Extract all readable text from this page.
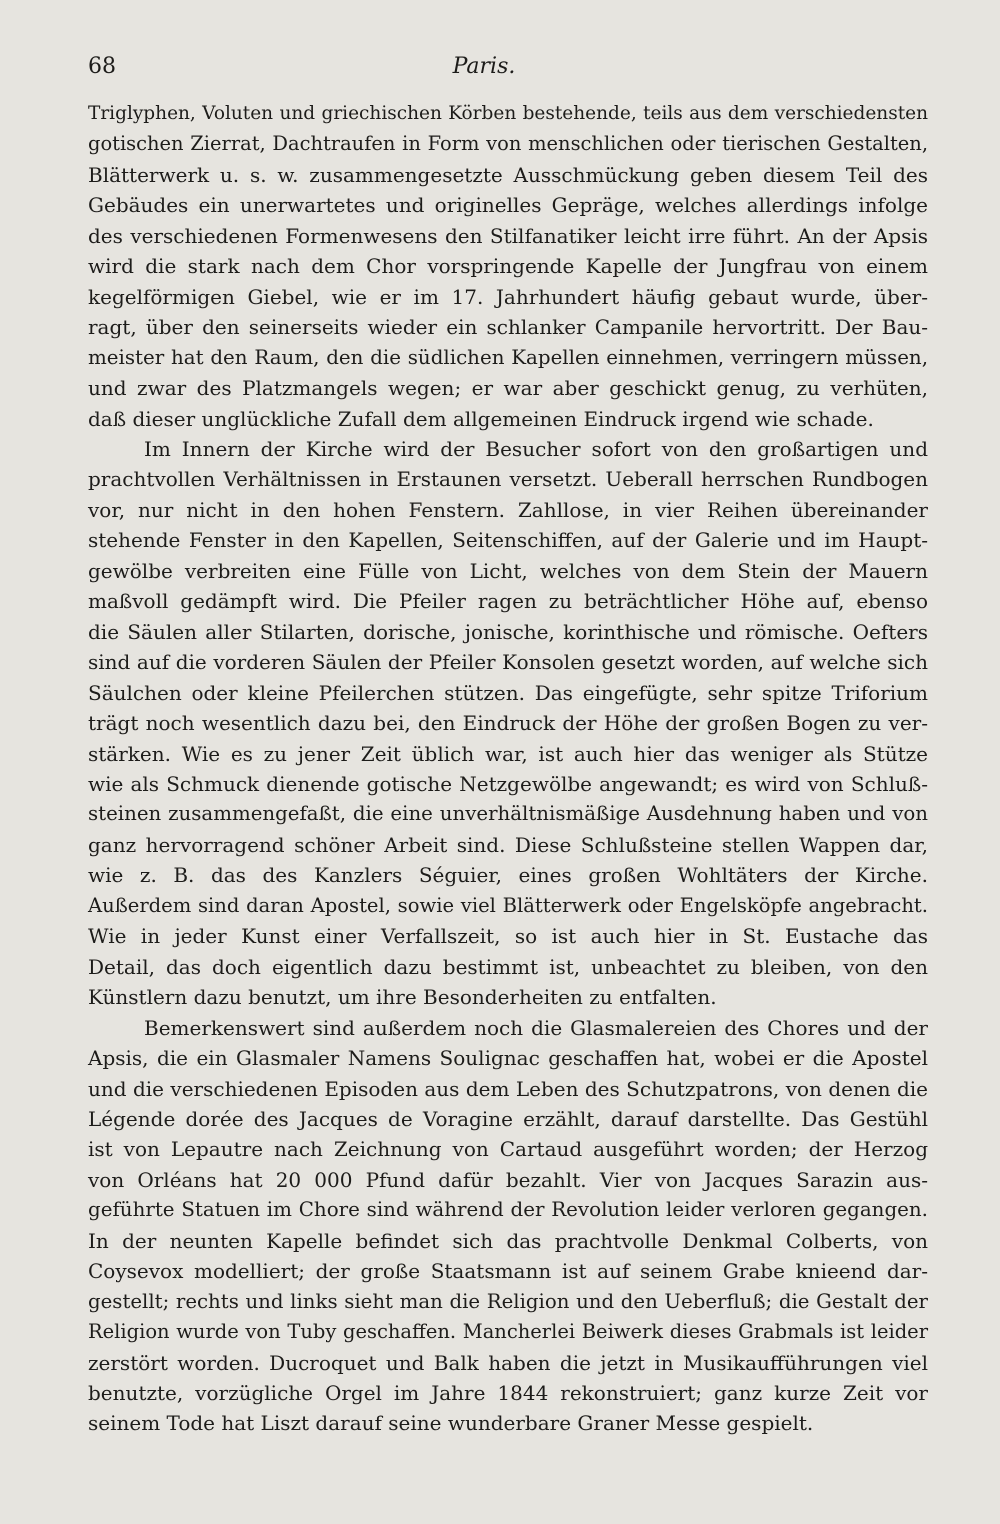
68	Paris.
Triglyphen, Voluten und griechischen Körben bestehende, teils aus dem verschiedensten
gotischen Zierrat, Dachtraufen in Form von menschlichen oder tierischen Gestalten,
Blätterwerk u. s. w. zusammengesetzte Ausschmückung geben diesem Teil des
Gebäudes ein unerwartetes und originelles Gepräge, welches allerdings infolge
des verschiedenen Formenwesens den Stilfanatiker leicht irre führt. An der Apsis
wird die stark nach dem Chor vorspringende Kapelle der Jungfrau von einem
kegelförmigen Giebel, wie er im 17. Jahrhundert häufig gebaut wurde, über-
ragt, über den seinerseits wieder ein schlanker Campanile hervortritt. Der Bau-
meister hat den Raum, den die südlichen Kapellen einnehmen, verringern müssen,
und zwar des Platzmangels wegen; er war aber geschickt genug, zu verhüten,
daß dieser unglückliche Zufall dem allgemeinen Eindruck irgend wie schade.
Im Innern der Kirche wird der Besucher sofort von den großartigen und
prachtvollen Verhältnissen in Erstaunen versetzt. Ueberall herrschen Rundbogen
vor, nur nicht in den hohen Fenstern. Zahllose, in vier Reihen übereinander
stehende Fenster in den Kapellen, Seitenschiffen, auf der Galerie und im Haupt-
gewölbe verbreiten eine Fülle von Licht, welches von dem Stein der Mauern
maßvoll gedämpft wird. Die Pfeiler ragen zu beträchtlicher Höhe auf, ebenso
die Säulen aller Stilarten, dorische, jonische, korinthische und römische. Oefters
sind auf die vorderen Säulen der Pfeiler Konsolen gesetzt worden, auf welche sich
Säulchen oder kleine Pfeilerchen stützen. Das eingefügte, sehr spitze Triforium
trägt noch wesentlich dazu bei, den Eindruck der Höhe der großen Bogen zu ver-
stärken. Wie es zu jener Zeit üblich war, ist auch hier das weniger als Stütze
wie als Schmuck dienende gotische Netzgewölbe angewandt; es wird von Schluß-
steinen zusammengefaßt, die eine unverhältnismäßige Ausdehnung haben und von
ganz hervorragend schöner Arbeit sind. Diese Schlußsteine stellen Wappen dar,
wie z. B. das des Kanzlers Séguier, eines großen Wohltäters der Kirche.
Außerdem sind daran Apostel, sowie viel Blätterwerk oder Engelsköpfe angebracht.
Wie in jeder Kunst einer Verfallszeit, so ist auch hier in St. Eustache das
Detail, das doch eigentlich dazu bestimmt ist, unbeachtet zu bleiben, von den
Künstlern dazu benutzt, um ihre Besonderheiten zu entfalten.
Bemerkenswert sind außerdem noch die Glasmalereien des Chores und der
Apsis, die ein Glasmaler Namens Soulignac geschaffen hat, wobei er die Apostel
und die verschiedenen Episoden aus dem Leben des Schutzpatrons, von denen die
Légende dorée des Jacques de Voragine erzählt, darauf darstellte. Das Gestühl
ist von Lepautre nach Zeichnung von Cartaud ausgeführt worden; der Herzog
von Orléans hat 20 000 Pfund dafür bezahlt. Vier von Jacques Sarazin aus-
geführte Statuen im Chore sind während der Revolution leider verloren gegangen.
In der neunten Kapelle befindet sich das prachtvolle Denkmal Colberts, von
Coysevox modelliert; der große Staatsmann ist auf seinem Grabe knieend dar-
gestellt; rechts und links sieht man die Religion und den Ueberfluß; die Gestalt der
Religion wurde von Tuby geschaffen. Mancherlei Beiwerk dieses Grabmals ist leider
zerstört worden. Ducroquet und Balk haben die jetzt in Musikaufführungen viel
benutzte, vorzügliche Orgel im Jahre 1844 rekonstruiert; ganz kurze Zeit vor
seinem Tode hat Liszt darauf seine wunderbare Graner Messe gespielt.
